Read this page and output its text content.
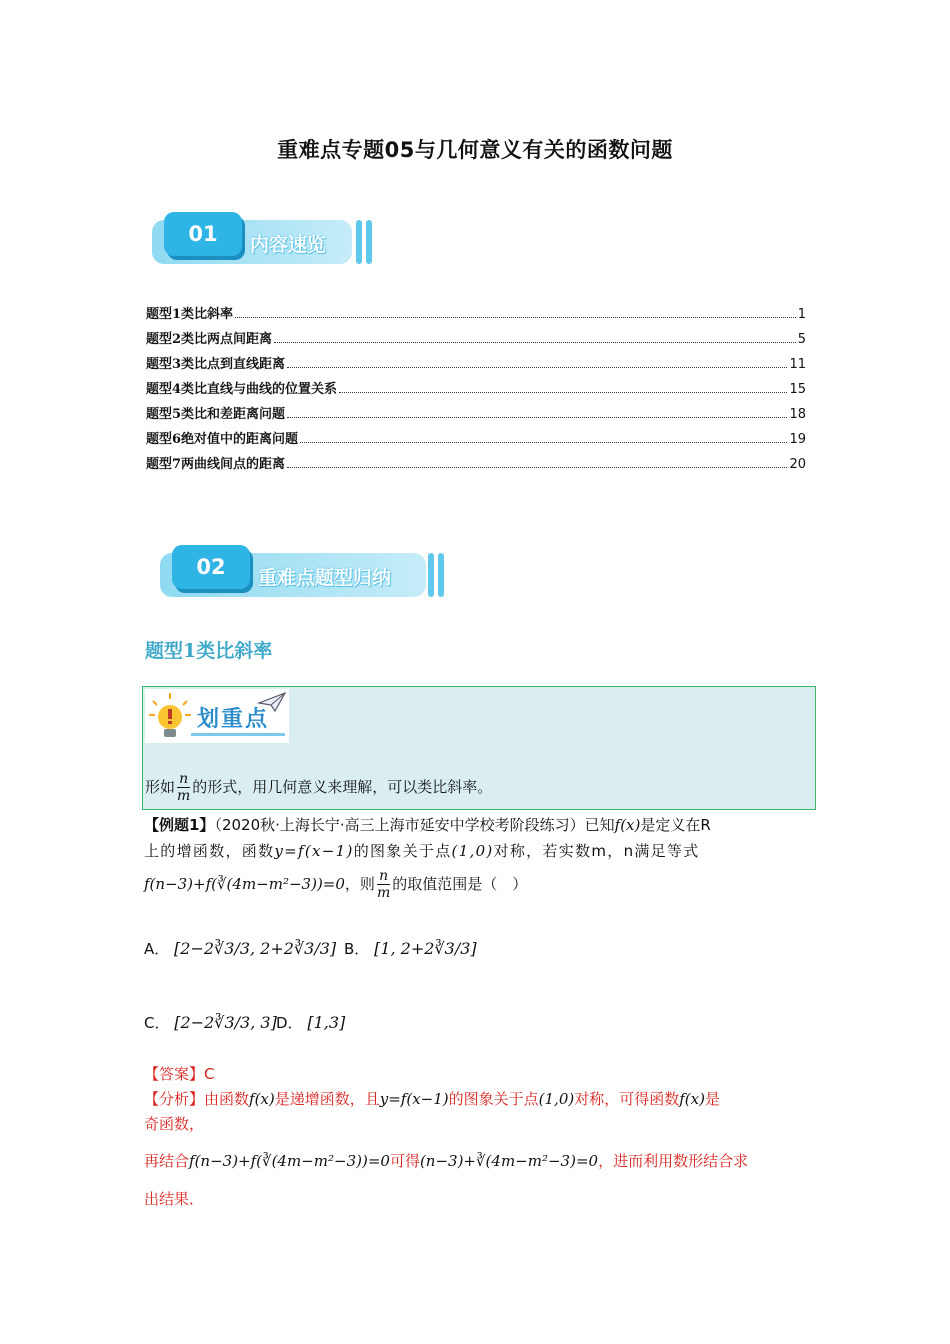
重难点专题05与几何意义有关的函数问题
01	内容速览
题型1类比斜率	1
题型2类比两点间距离	5
题型3类比点到直线距离	11
题型4类比直线与曲线的位置关系	15
题型5类比和差距离问题	18
题型6绝对值中的距离问题	19
题型7两曲线间点的距离	20
02	重难点题型归纳
题型1类比斜率
划重点
形如 $\frac{n}{m}$ 的形式，用几何意义来理解，可以类比斜率。
【例题1】（2020秋·上海长宁·高三上海市延安中学校考阶段练习）已知f(x)是定义在R
上的增函数，函数y=f(x−1)的图象关于点(1,0)对称，若实数m，n满足等式
f(n−3)+f(∛(4m−m²−3))=0，则 $\frac{n}{m}$ 的取值范围是（　）
A． [2−2∛3/3, 2+2∛3/3] B． [1, 2+2∛3/3]
C． [2−2∛3/3, 3] D． [1,3]
【答案】C
【分析】由函数f(x)是递增函数，且y=f(x−1)的图象关于点(1,0)对称，可得函数f(x)是
奇函数，
再结合f(n−3)+f(∛(4m−m²−3))=0可得(n−3)+∛(4m−m²−3)=0，进而利用数形结合求
出结果．
